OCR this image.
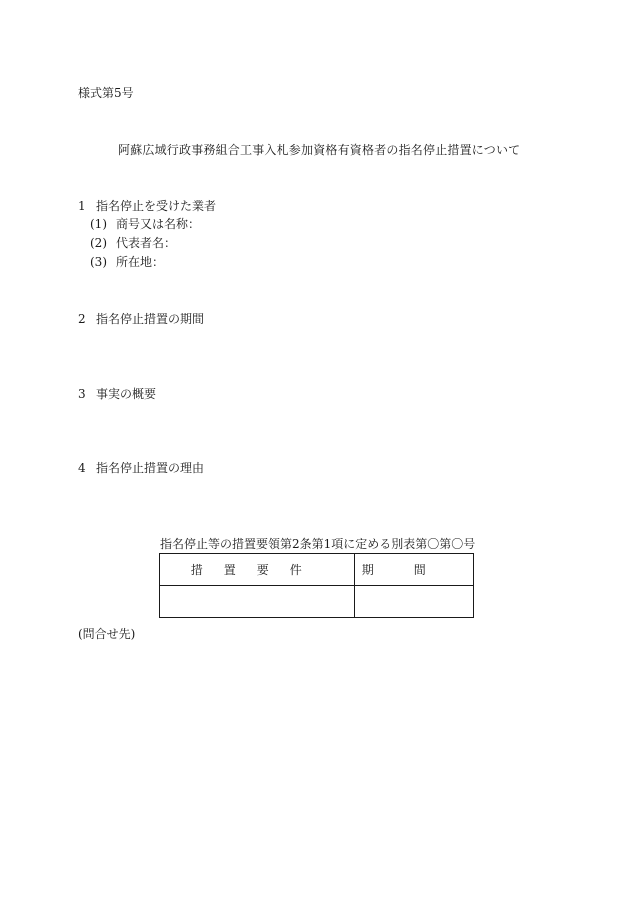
様式第5号
阿蘇広域行政事務組合工事入札参加資格有資格者の指名停止措置について
1 指名停止を受けた業者
(1) 商号又は名称：
(2) 代表者名：
(3) 所在地：
2 指名停止措置の期間
3 事実の概要
4 指名停止措置の理由
指名停止等の措置要領第2条第1項に定める別表第〇第〇号
措置要件	期間

(問合せ先)
